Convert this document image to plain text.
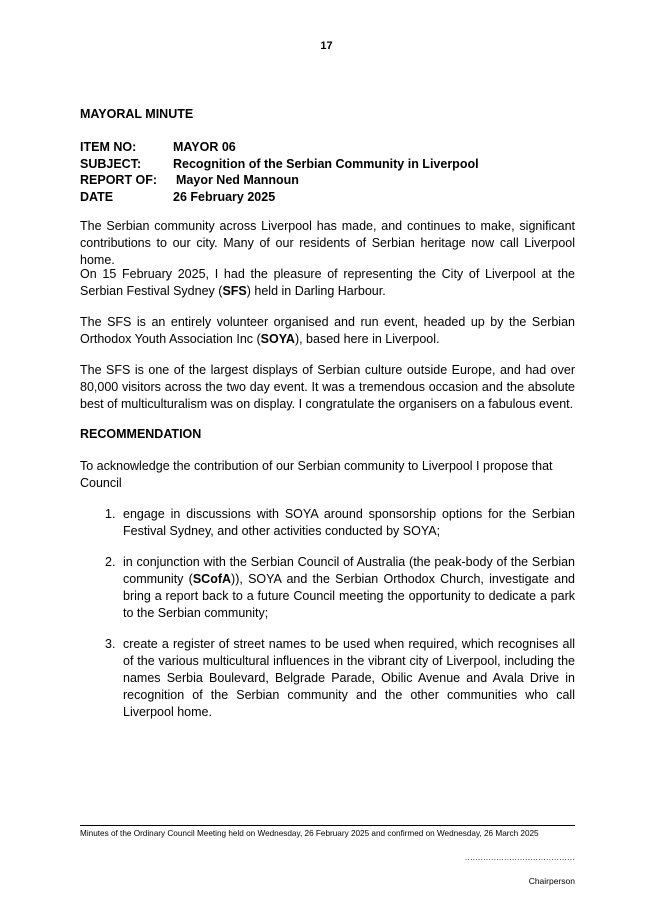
17
MAYORAL MINUTE
ITEM NO:	MAYOR 06
SUBJECT:	Recognition of the Serbian Community in Liverpool
REPORT OF: Mayor Ned Mannoun
DATE	26 February 2025

The Serbian community across Liverpool has made, and continues to make, significant contributions to our city. Many of our residents of Serbian heritage now call Liverpool home.

On 15 February 2025, I had the pleasure of representing the City of Liverpool at the Serbian Festival Sydney (SFS) held in Darling Harbour.

The SFS is an entirely volunteer organised and run event, headed up by the Serbian Orthodox Youth Association Inc (SOYA), based here in Liverpool.

The SFS is one of the largest displays of Serbian culture outside Europe, and had over 80,000 visitors across the two day event. It was a tremendous occasion and the absolute best of multiculturalism was on display. I congratulate the organisers on a fabulous event.

RECOMMENDATION

To acknowledge the contribution of our Serbian community to Liverpool I propose that Council

1. engage in discussions with SOYA around sponsorship options for the Serbian Festival Sydney, and other activities conducted by SOYA;
2. in conjunction with the Serbian Council of Australia (the peak-body of the Serbian community (SCofA)), SOYA and the Serbian Orthodox Church, investigate and bring a report back to a future Council meeting the opportunity to dedicate a park to the Serbian community;
3. create a register of street names to be used when required, which recognises all of the various multicultural influences in the vibrant city of Liverpool, including the names Serbia Boulevard, Belgrade Parade, Obilic Avenue and Avala Drive in recognition of the Serbian community and the other communities who call Liverpool home.
Minutes of the Ordinary Council Meeting held on Wednesday, 26 February 2025 and confirmed on Wednesday, 26 March 2025
..........................................
Chairperson
